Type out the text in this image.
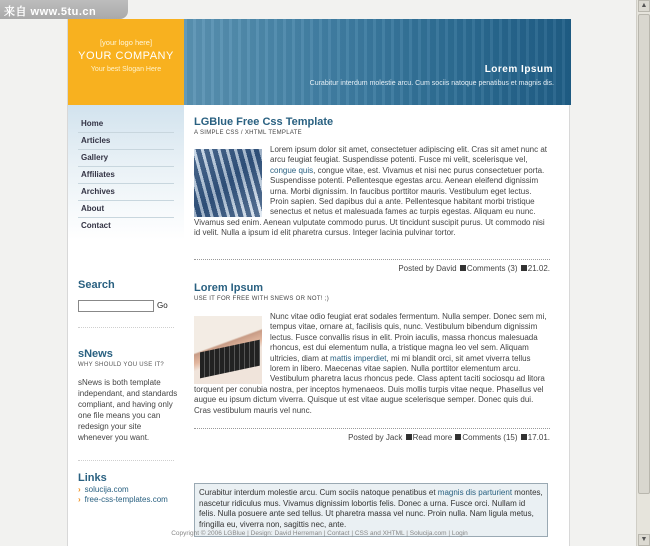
来自 www.5tu.cn
▲
▼
[your logo here]
YOUR COMPANY
Your best Slogan Here	Lorem Ipsum
Curabitur interdum molestie arcu. Cum sociis natoque penatibus et magnis dis.
Home
Articles
Gallery
Affiliates
Archives
About
Contact
Search
Go
sNews
WHY SHOULD YOU USE IT?
sNews is both template independant, and standards compliant, and having only one file means you can redesign your site whenever you want.
Links
› solucija.com
› free-css-templates.com
LGBlue Free Css Template
A SIMPLE CSS / XHTML TEMPLATE
Lorem ipsum dolor sit amet, consectetuer adipiscing elit. Cras sit amet nunc at arcu feugiat feugiat. Suspendisse potenti. Fusce mi velit, scelerisque vel, congue quis, congue vitae, est. Vivamus et nisi nec purus consectetuer porta. Suspendisse potenti. Pellentesque egestas arcu. Aenean eleifend dignissim urna. Morbi dignissim. In faucibus porttitor mauris. Vestibulum eget lectus. Proin sapien. Sed dapibus dui a ante. Pellentesque habitant morbi tristique senectus et netus et malesuada fames ac turpis egestas. Aliquam eu nunc. Vivamus sed enim. Aenean vulputate commodo purus. Ut tincidunt suscipit purus. Ut commodo nisi id velit. Nulla a ipsum id elit pharetra cursus. Integer lacinia pulvinar tortor.
Posted by David Comments (3) 21.02.
Lorem Ipsum
USE IT FOR FREE WITH SNEWS OR NOT! ;)
Nunc vitae odio feugiat erat sodales fermentum. Nulla semper. Donec sem mi, tempus vitae, ornare at, facilisis quis, nunc. Vestibulum bibendum dignissim lectus. Fusce convallis risus in elit. Proin iaculis, massa rhoncus malesuada rhoncus, est dui elementum nulla, a tristique magna leo vel sem. Aliquam ultricies, diam at mattis imperdiet, mi mi blandit orci, sit amet viverra tellus lorem in libero. Maecenas vitae sapien. Nulla porttitor elementum arcu. Vestibulum pharetra lacus rhoncus pede. Class aptent taciti sociosqu ad litora torquent per conubia nostra, per inceptos hymenaeos. Duis mollis turpis vitae neque. Phasellus vel augue eu ipsum dictum viverra. Quisque ut est vitae augue scelerisque semper. Donec quis dui. Cras vestibulum mauris vel nunc.
Posted by Jack Read more Comments (15) 17.01.
Curabitur interdum molestie arcu. Cum sociis natoque penatibus et magnis dis parturient montes, nascetur ridiculus mus. Vivamus dignissim lobortis felis. Donec a urna. Fusce orci. Nullam id felis. Nulla posuere ante sed tellus. Ut pharetra massa vel nunc. Proin nulla. Nam ligula metus, fringilla eu, viverra non, sagittis nec, ante.
Copyright © 2006 LGBlue | Design: David Herreman | Contact | CSS and XHTML | Solucija.com | Login
